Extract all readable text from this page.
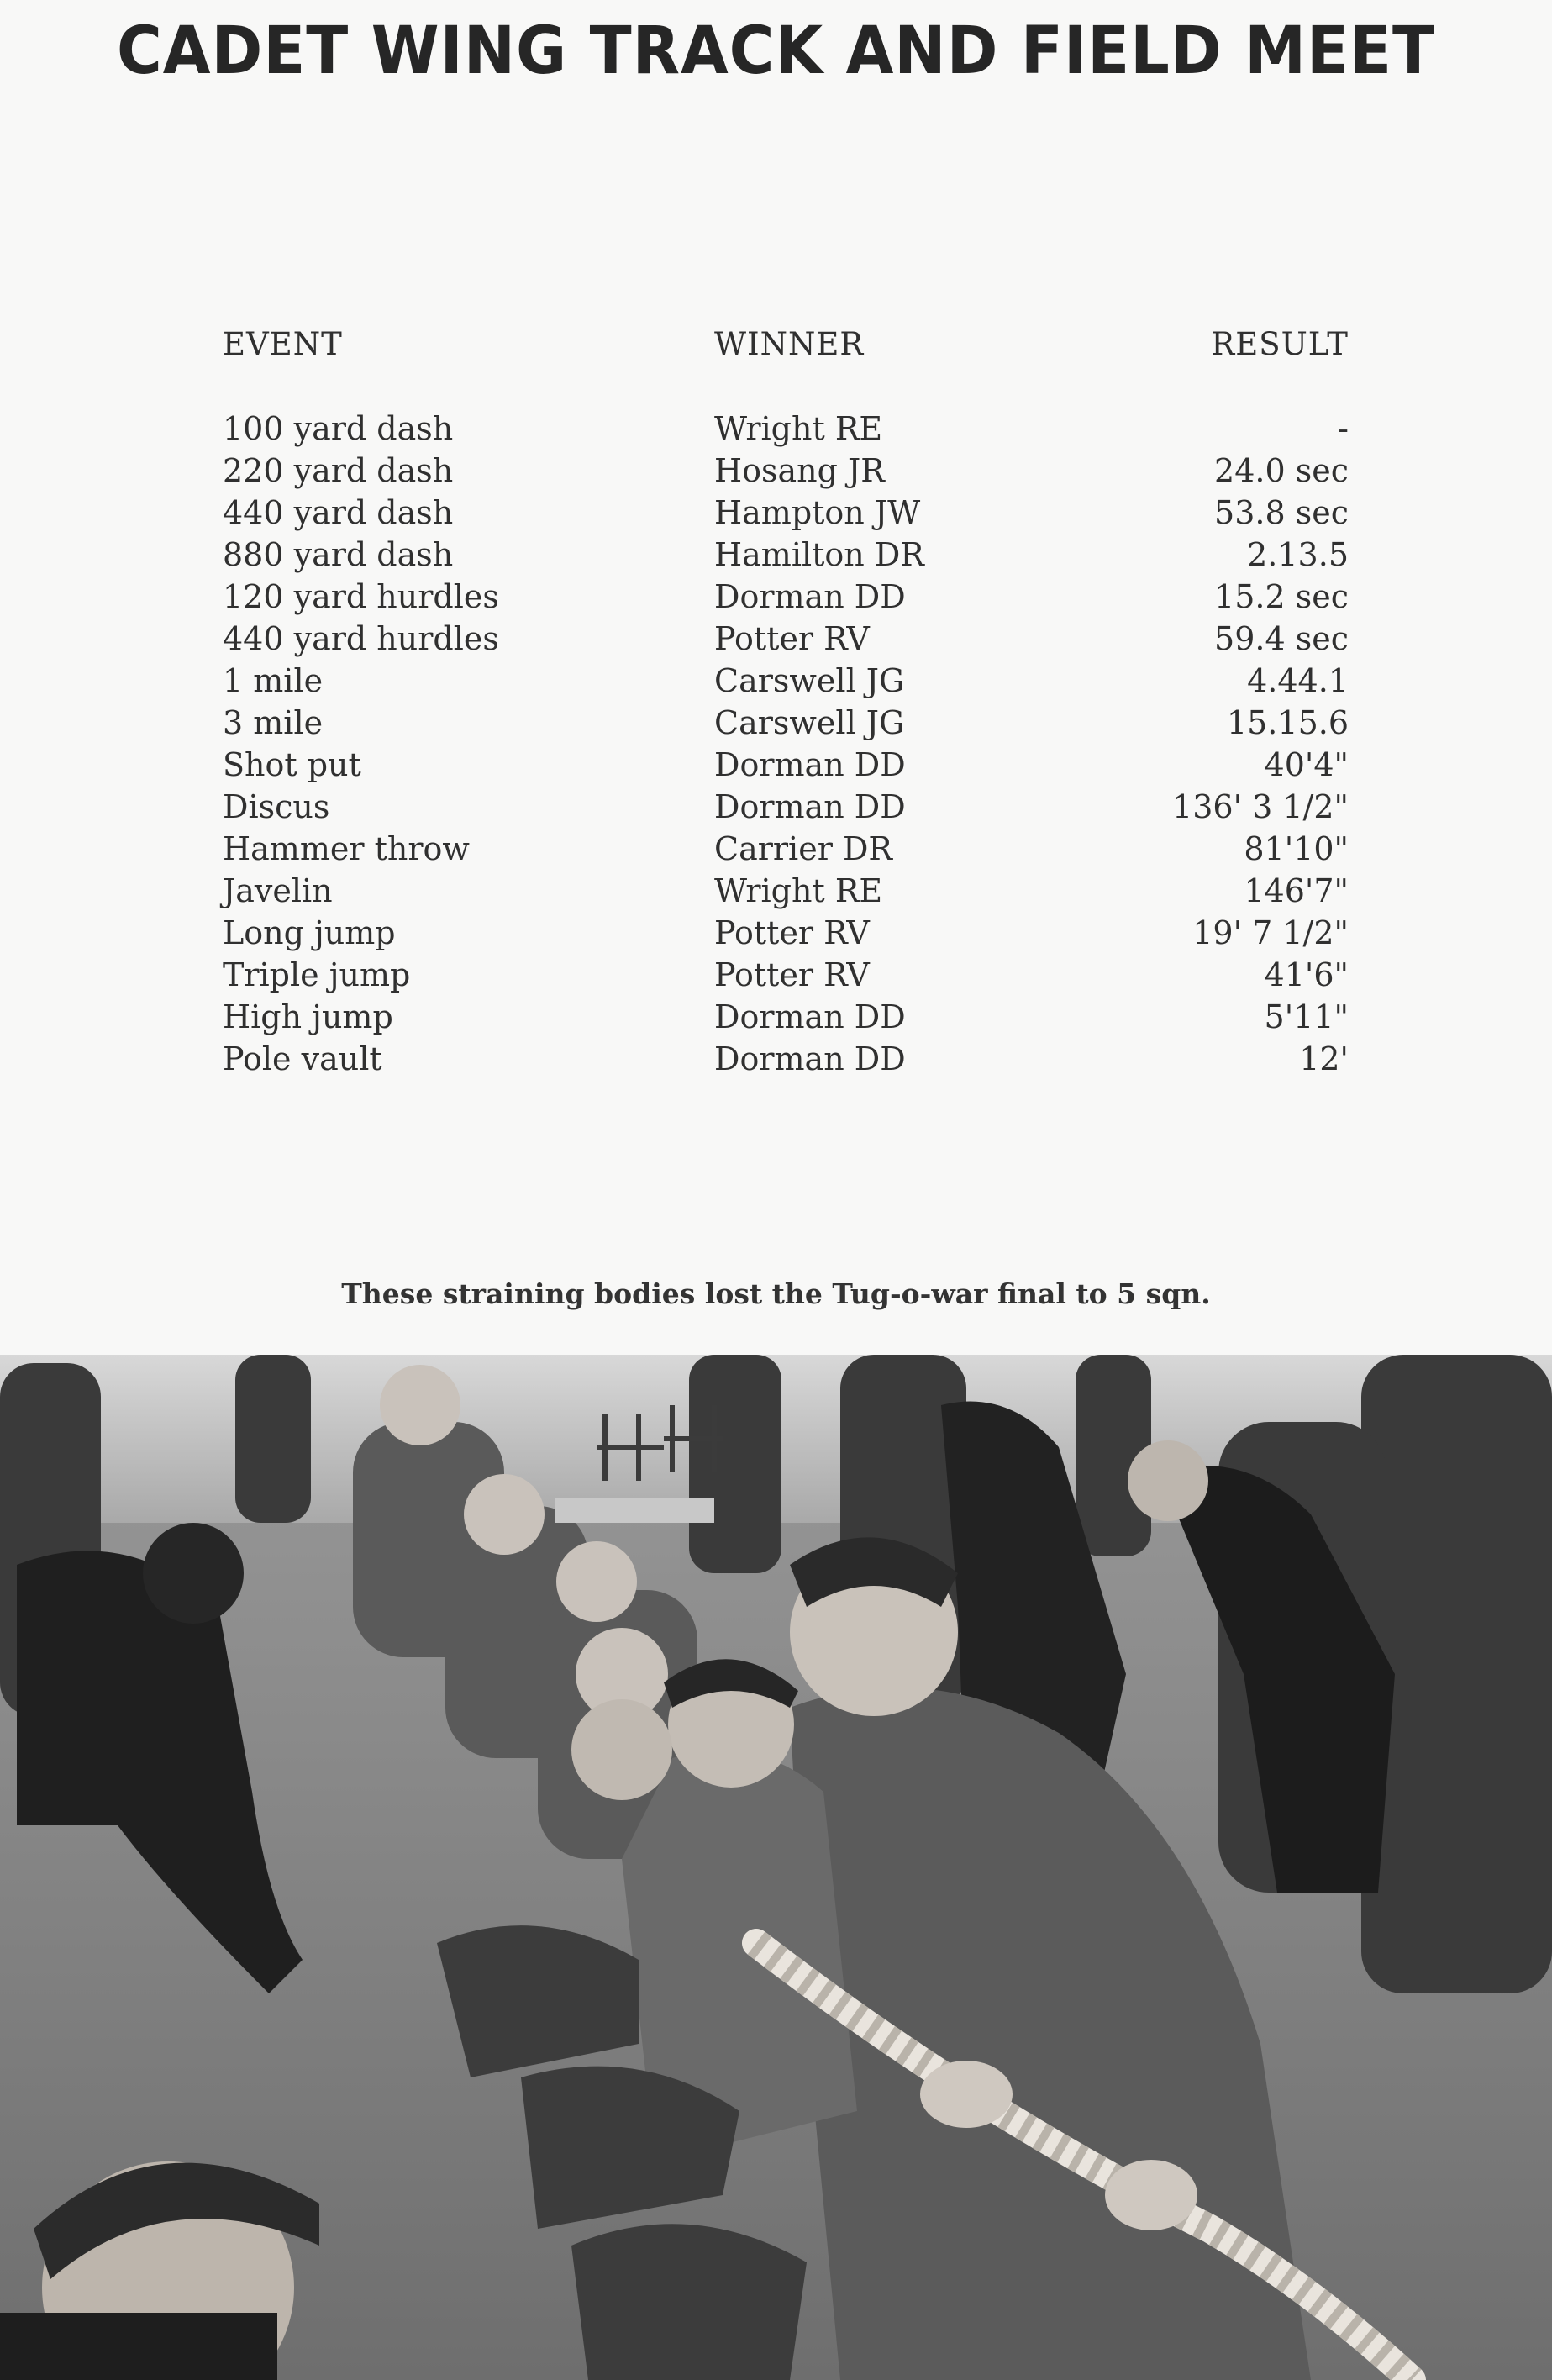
CADET WING TRACK AND FIELD MEET
EVENT	WINNER	RESULT

100 yard dash	Wright RE	-
220 yard dash	Hosang JR	24.0 sec
440 yard dash	Hampton JW	53.8 sec
880 yard dash	Hamilton DR	2.13.5
120 yard hurdles	Dorman DD	15.2 sec
440 yard hurdles	Potter RV	59.4 sec
1 mile	Carswell JG	4.44.1
3 mile	Carswell JG	15.15.6
Shot put	Dorman DD	40'4"
Discus	Dorman DD	136' 3 1/2"
Hammer throw	Carrier DR	81'10"
Javelin	Wright RE	146'7"
Long jump	Potter RV	19' 7 1/2"
Triple jump	Potter RV	41'6"
High jump	Dorman DD	5'11"
Pole vault	Dorman DD	12'
These straining bodies lost the Tug-o-war final to 5 sqn.
